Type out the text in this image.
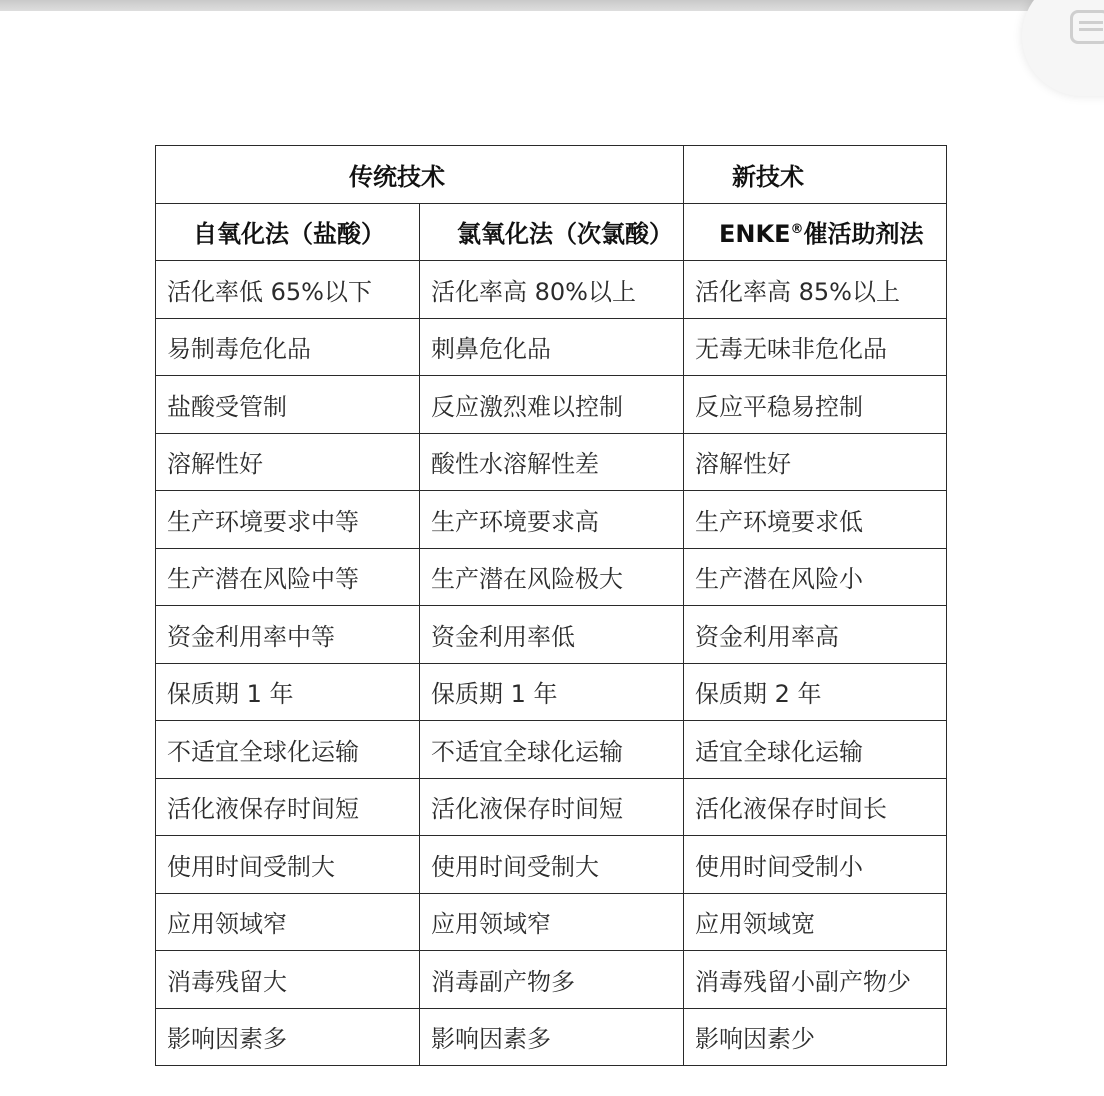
传统技术		新技术
自氧化法（盐酸）	氯氧化法（次氯酸）	ENKE®催活助剂法
活化率低 65%以下	活化率高 80%以上	活化率高 85%以上
易制毒危化品	刺鼻危化品	无毒无味非危化品
盐酸受管制	反应激烈难以控制	反应平稳易控制
溶解性好	酸性水溶解性差	溶解性好
生产环境要求中等	生产环境要求高	生产环境要求低
生产潜在风险中等	生产潜在风险极大	生产潜在风险小
资金利用率中等	资金利用率低	资金利用率高
保质期 1 年	保质期 1 年	保质期 2 年
不适宜全球化运输	不适宜全球化运输	适宜全球化运输
活化液保存时间短	活化液保存时间短	活化液保存时间长
使用时间受制大	使用时间受制大	使用时间受制小
应用领域窄	应用领域窄	应用领域宽
消毒残留大	消毒副产物多	消毒残留小副产物少
影响因素多	影响因素多	影响因素少
